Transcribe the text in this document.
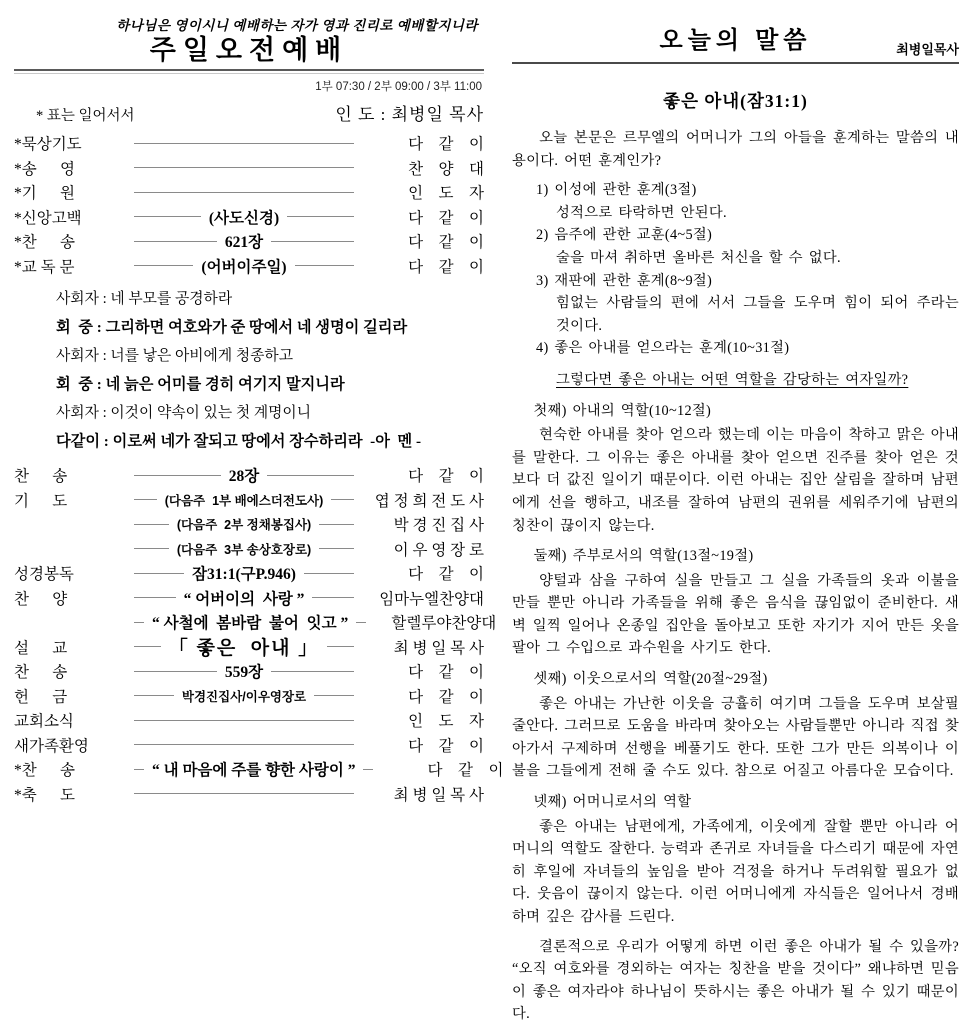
하나님은 영이시니 예배하는 자가 영과 진리로 예배할지니라
주일오전예배
1부 07:30 / 2부 09:00 / 3부 11:00
* 표는 일어서서	인 도 : 최병일 목사
*묵상기도	다    같    이
*송      영	찬    양    대
*기      원	인    도    자
*신앙고백	(사도신경)	다    같    이
*찬      송	621장	다    같    이
*교 독 문	(어버이주일)	다    같    이
사회자 : 네 부모를 공경하라
회  중 : 그리하면 여호와가 준 땅에서 네 생명이 길리라
사회자 : 너를 낳은 아비에게 청종하고
회  중 : 네 늙은 어미를 경히 여기지 말지니라
사회자 : 이것이 약속이 있는 첫 계명이니
다같이 : 이로써 네가 잘되고 땅에서 장수하리라  -아  멘 -
찬      송	28장	다    같    이
기      도	(다음주  1부 배에스더전도사)	엽 정 희 전 도 사
(다음주  2부 정채봉집사)	박 경 진 집 사
(다음주  3부 송상호장로)	이 우 영 장 로
성경봉독	잠31:1(구P.946)	다    같    이
찬      양	“ 어버이의  사랑 ”	임마누엘찬양대
“ 사철에  봄바람  불어  잇고 ”	할렐루야찬양대
설      교	「 좋은  아내 」	최 병 일 목 사
찬      송	559장	다    같    이
헌      금	박경진집사/이우영장로	다    같    이
교회소식	인    도    자
새가족환영	다    같    이
*찬      송	“ 내 마음에 주를 향한 사랑이 ”	다    같    이
*축      도	최 병 일 목 사
오늘의 말씀	최병일목사
좋은 아내(잠31:1)

오늘 본문은 르무엘의 어머니가 그의 아들을 훈계하는 말씀의 내용이다. 어떤 훈계인가?

1) 이성에 관한 훈계(3절)

성적으로 타락하면 안된다.

2) 음주에 관한 교훈(4~5절)

술을 마셔 취하면 올바른 처신을 할 수 없다.

3) 재판에 관한 훈계(8~9절)

힘없는 사람들의 편에 서서 그들을 도우며 힘이 되어 주라는 것이다.

4) 좋은 아내를 얻으라는 훈계(10~31절)

그렇다면 좋은 아내는 어떤 역할을 감당하는 여자일까?

첫째) 아내의 역할(10~12절)

현숙한 아내를 찾아 얻으라 했는데 이는 마음이 착하고 맑은 아내를 말한다. 그 이유는 좋은 아내를 찾아 얻으면 진주를 찾아 얻은 것보다 더 값진 일이기 때문이다. 이런 아내는 집안 살림을 잘하며 남편에게 선을 행하고, 내조를 잘하여 남편의 권위를 세워주기에 남편의 칭찬이 끊이지 않는다.

둘째) 주부로서의 역할(13절~19절)

양털과 삼을 구하여 실을 만들고 그 실을 가족들의 옷과 이불을 만들 뿐만 아니라 가족들을 위해 좋은 음식을 끊임없이 준비한다. 새벽 일찍 일어나 온종일 집안을 돌아보고 또한 자기가 지어 만든 옷을 팔아 그 수입으로 과수원을 사기도 한다.

셋째) 이웃으로서의 역할(20절~29절)

좋은 아내는 가난한 이웃을 긍휼히 여기며 그들을 도우며 보살필 줄안다. 그러므로 도움을 바라며 찾아오는 사람들뿐만 아니라 직접 찾아가서 구제하며 선행을 베풀기도 한다. 또한 그가 만든 의복이나 이불을 그들에게 전해 줄 수도 있다. 참으로 어질고 아름다운 모습이다.

넷째) 어머니로서의 역할

좋은 아내는 남편에게, 가족에게, 이웃에게 잘할 뿐만 아니라 어머니의 역할도 잘한다. 능력과 존귀로 자녀들을 다스리기 때문에 자연히 후일에 자녀들의 높임을 받아 걱정을 하거나 두려워할 필요가 없다. 웃음이 끊이지 않는다. 이런 어머니에게 자식들은 일어나서 경배하며 깊은 감사를 드린다.

결론적으로 우리가 어떻게 하면 이런 좋은 아내가 될 수 있을까? “오직 여호와를 경외하는 여자는 칭찬을 받을 것이다” 왜냐하면 믿음이 좋은 여자라야 하나님이 뜻하시는 좋은 아내가 될 수 있기 때문이다.
